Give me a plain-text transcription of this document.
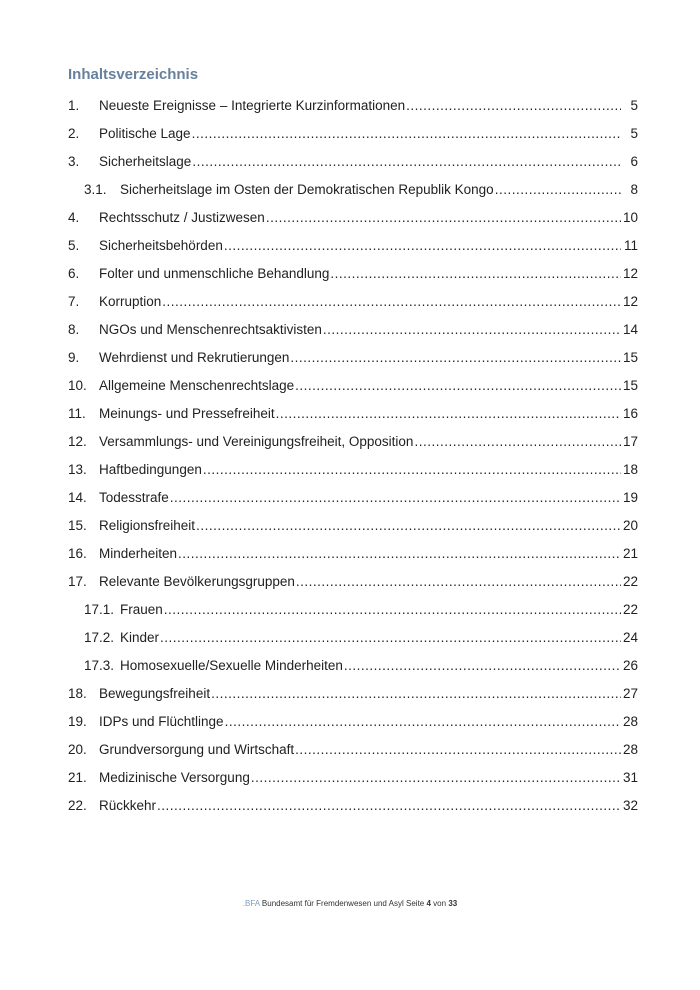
Inhaltsverzeichnis
1.	Neueste Ereignisse – Integrierte Kurzinformationen .....	5
2.	Politische Lage .....	5
3.	Sicherheitslage .....	6
3.1. Sicherheitslage im Osten der Demokratischen Republik Kongo .....	8
4.	Rechtsschutz / Justizwesen .....	10
5.	Sicherheitsbehörden .....	11
6.	Folter und unmenschliche Behandlung .....	12
7.	Korruption .....	12
8.	NGOs und Menschenrechtsaktivisten .....	14
9.	Wehrdienst und Rekrutierungen .....	15
10. Allgemeine Menschenrechtslage .....	15
11. Meinungs- und Pressefreiheit .....	16
12. Versammlungs- und Vereinigungsfreiheit, Opposition .....	17
13. Haftbedingungen .....	18
14. Todesstrafe .....	19
15. Religionsfreiheit .....	20
16. Minderheiten .....	21
17. Relevante Bevölkerungsgruppen .....	22
17.1. Frauen .....	22
17.2. Kinder .....	24
17.3. Homosexuelle/Sexuelle Minderheiten .....	26
18. Bewegungsfreiheit .....	27
19. IDPs und Flüchtlinge .....	28
20. Grundversorgung und Wirtschaft .....	28
21. Medizinische Versorgung .....	31
22. Rückkehr .....	32
.BFA Bundesamt für Fremdenwesen und Asyl Seite 4 von 33
